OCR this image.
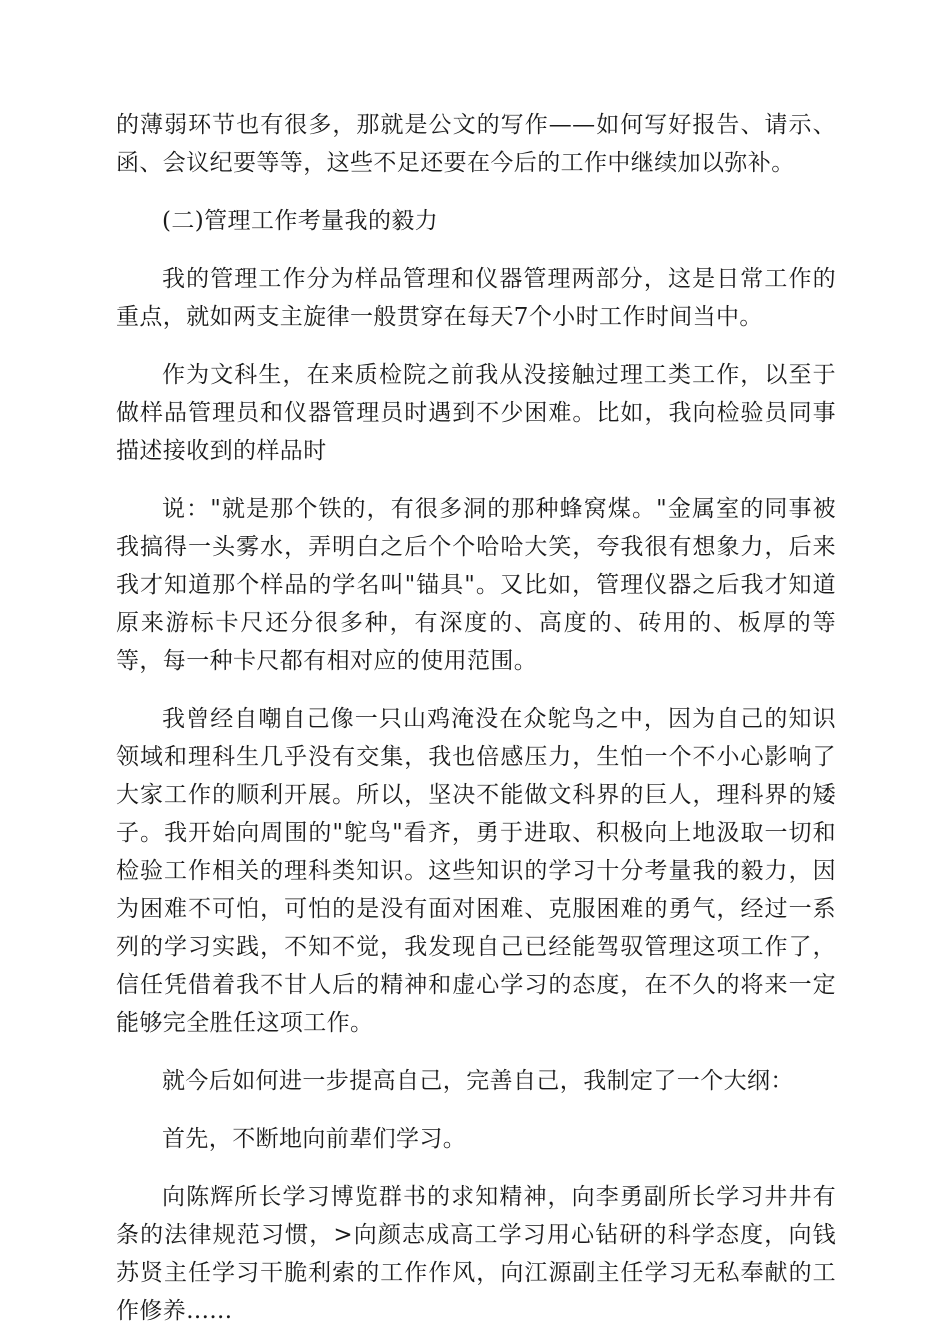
的薄弱环节也有很多，那就是公文的写作——如何写好报告、请示、函、会议纪要等等，这些不足还要在今后的工作中继续加以弥补。

(二)管理工作考量我的毅力

我的管理工作分为样品管理和仪器管理两部分，这是日常工作的重点，就如两支主旋律一般贯穿在每天7个小时工作时间当中。

作为文科生，在来质检院之前我从没接触过理工类工作，以至于做样品管理员和仪器管理员时遇到不少困难。比如，我向检验员同事描述接收到的样品时

说："就是那个铁的，有很多洞的那种蜂窝煤。"金属室的同事被我搞得一头雾水，弄明白之后个个哈哈大笑，夸我很有想象力，后来我才知道那个样品的学名叫"锚具"。又比如，管理仪器之后我才知道原来游标卡尺还分很多种，有深度的、高度的、砖用的、板厚的等等，每一种卡尺都有相对应的使用范围。

我曾经自嘲自己像一只山鸡淹没在众鸵鸟之中，因为自己的知识领域和理科生几乎没有交集，我也倍感压力，生怕一个不小心影响了大家工作的顺利开展。所以，坚决不能做文科界的巨人，理科界的矮子。我开始向周围的"鸵鸟"看齐，勇于进取、积极向上地汲取一切和检验工作相关的理科类知识。这些知识的学习十分考量我的毅力，因为困难不可怕，可怕的是没有面对困难、克服困难的勇气，经过一系列的学习实践，不知不觉，我发现自己已经能驾驭管理这项工作了，信任凭借着我不甘人后的精神和虚心学习的态度，在不久的将来一定能够完全胜任这项工作。

就今后如何进一步提高自己，完善自己，我制定了一个大纲：

首先，不断地向前辈们学习。

向陈辉所长学习博览群书的求知精神，向李勇副所长学习井井有条的法律规范习惯，>向颜志成高工学习用心钻研的科学态度，向钱苏贤主任学习干脆利索的工作作风，向江源副主任学习无私奉献的工作修养......
